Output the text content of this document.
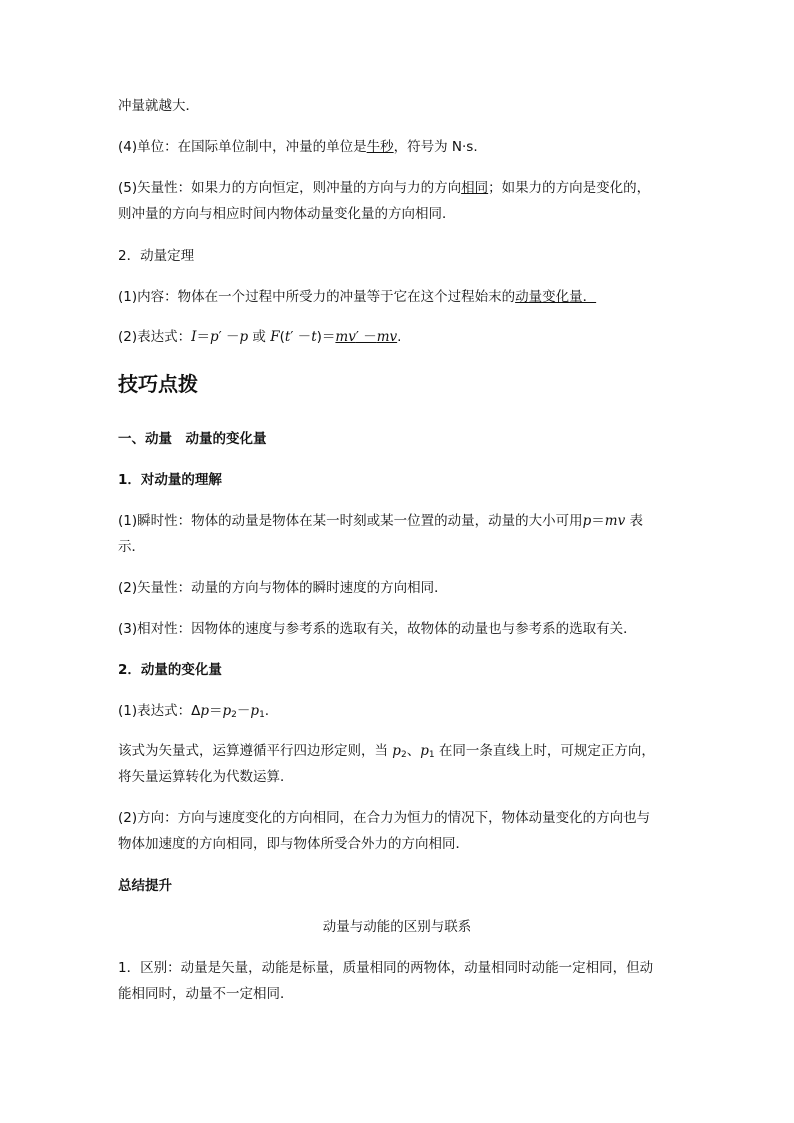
冲量就越大．
(4)单位：在国际单位制中，冲量的单位是牛秒，符号为 N·s.
(5)矢量性：如果力的方向恒定，则冲量的方向与力的方向相同；如果力的方向是变化的，
则冲量的方向与相应时间内物体动量变化量的方向相同．
2．动量定理
(1)内容：物体在一个过程中所受力的冲量等于它在这个过程始末的动量变化量．
(2)表达式：I＝p′ －p 或 F(t′ －t)＝mv′ －mv.
技巧点拨
一、动量　动量的变化量
1．对动量的理解
(1)瞬时性：物体的动量是物体在某一时刻或某一位置的动量，动量的大小可用p＝mv 表
示．
(2)矢量性：动量的方向与物体的瞬时速度的方向相同．
(3)相对性：因物体的速度与参考系的选取有关，故物体的动量也与参考系的选取有关．
2．动量的变化量
(1)表达式：$\Delta p=p_2-p_1$.
该式为矢量式，运算遵循平行四边形定则，当 $p_2$、$p_1$ 在同一条直线上时，可规定正方向，
将矢量运算转化为代数运算．
(2)方向：方向与速度变化的方向相同，在合力为恒力的情况下，物体动量变化的方向也与
物体加速度的方向相同，即与物体所受合外力的方向相同．
总结提升
动量与动能的区别与联系
1．区别：动量是矢量，动能是标量，质量相同的两物体，动量相同时动能一定相同，但动
能相同时，动量不一定相同．
